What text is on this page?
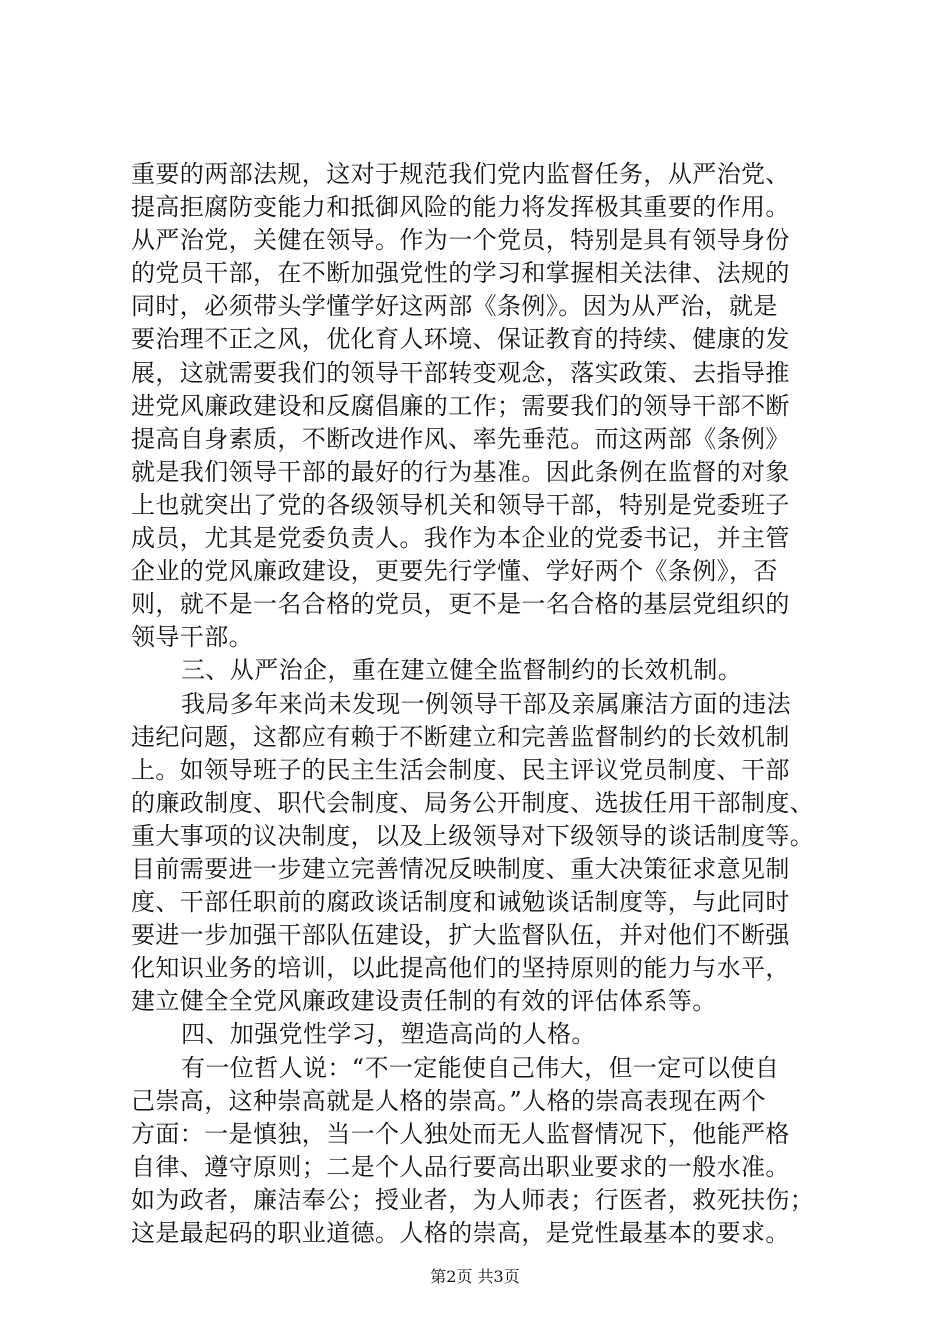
重要的两部法规，这对于规范我们党内监督任务，从严治党、
提高拒腐防变能力和抵御风险的能力将发挥极其重要的作用。
从严治党，关健在领导。作为一个党员，特别是具有领导身份
的党员干部，在不断加强党性的学习和掌握相关法律、法规的
同时，必须带头学懂学好这两部《条例》。因为从严治，就是
要治理不正之风，优化育人环境、保证教育的持续、健康的发
展，这就需要我们的领导干部转变观念，落实政策、去指导推
进党风廉政建设和反腐倡廉的工作；需要我们的领导干部不断
提高自身素质，不断改进作风、率先垂范。而这两部《条例》
就是我们领导干部的最好的行为基准。因此条例在监督的对象
上也就突出了党的各级领导机关和领导干部，特别是党委班子
成员，尤其是党委负责人。我作为本企业的党委书记，并主管
企业的党风廉政建设，更要先行学懂、学好两个《条例》，否
则，就不是一名合格的党员，更不是一名合格的基层党组织的
领导干部。
三、从严治企，重在建立健全监督制约的长效机制。
我局多年来尚未发现一例领导干部及亲属廉洁方面的违法
违纪问题，这都应有赖于不断建立和完善监督制约的长效机制
上。如领导班子的民主生活会制度、民主评议党员制度、干部
的廉政制度、职代会制度、局务公开制度、选拔任用干部制度、
重大事项的议决制度，以及上级领导对下级领导的谈话制度等。
目前需要进一步建立完善情况反映制度、重大决策征求意见制
度、干部任职前的腐政谈话制度和诫勉谈话制度等，与此同时
要进一步加强干部队伍建设，扩大监督队伍，并对他们不断强
化知识业务的培训，以此提高他们的坚持原则的能力与水平，
建立健全全党风廉政建设责任制的有效的评估体系等。
四、加强党性学习，塑造高尚的人格。
有一位哲人说：“不一定能使自己伟大，但一定可以使自
己崇高，这种崇高就是人格的崇高。”人格的崇高表现在两个
方面：一是慎独，当一个人独处而无人监督情况下，他能严格
自律、遵守原则；二是个人品行要高出职业要求的一般水准。
如为政者，廉洁奉公；授业者，为人师表；行医者，救死扶伤；
这是最起码的职业道德。人格的崇高，是党性最基本的要求。
第2页 共3页
